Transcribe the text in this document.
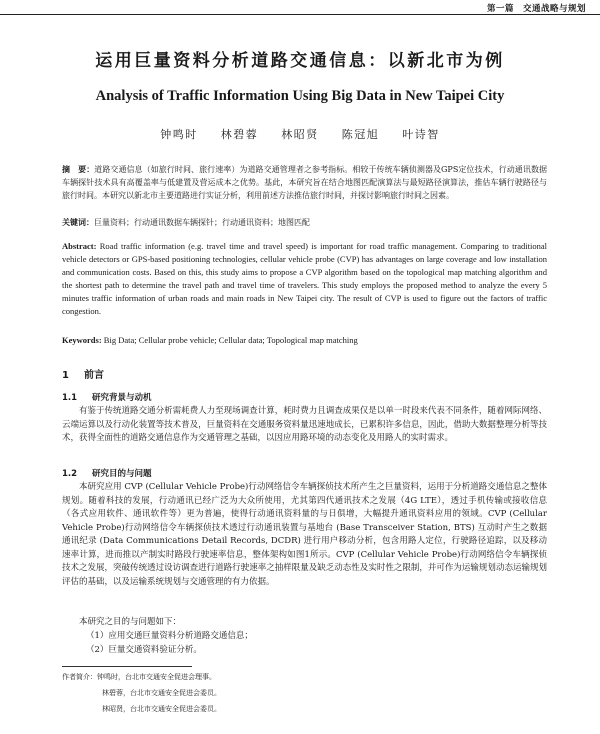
第一篇　交通战略与规划
运用巨量资料分析道路交通信息：以新北市为例
Analysis of Traffic Information Using Big Data in New Taipei City
钟鸣时 林碧蓉 林昭贤 陈冠旭 叶诗智
摘　要：道路交通信息（如旅行时间、旅行速率）为道路交通管理者之参考指标。相较于传统车辆侦测器及GPS定位技术，行动通讯数据车辆探针技术具有高覆盖率与低建置及营运成本之优势。基此，本研究旨在结合地图匹配演算法与最短路径演算法，推估车辆行驶路径与旅行时间。本研究以新北市主要道路进行实证分析，利用前述方法推估旅行时间，并探讨影响旅行时间之因素。
关键词：巨量资料；行动通讯数据车辆探针；行动通讯资料；地图匹配
Abstract: Road traffic information (e.g. travel time and travel speed) is important for road traffic management. Comparing to traditional vehicle detectors or GPS-based positioning technologies, cellular vehicle probe (CVP) has advantages on large coverage and low installation and communication costs. Based on this, this study aims to propose a CVP algorithm based on the topological map matching algorithm and the shortest path to determine the travel path and travel time of travelers. This study employs the proposed method to analyze the every 5 minutes traffic information of urban roads and main roads in New Taipei city. The result of CVP is used to figure out the factors of traffic congestion.
Keywords: Big Data; Cellular probe vehicle; Cellular data; Topological map matching
1 前言
1.1 研究背景与动机
有鉴于传统道路交通分析需耗费人力至现场调查计算，耗时费力且调查成果仅是以单一时段来代表不同条件，随着网际网络、云端运算以及行动化装置等技术普及，巨量资料在交通服务资料量迅速地成长，已累积许多信息，因此，借助大数据整理分析等技术，获得全面性的道路交通信息作为交通管理之基础，以因应用路环境的动态变化及用路人的实时需求。
1.2 研究目的与问题
本研究应用 CVP (Cellular Vehicle Probe)行动网络信令车辆探侦技术所产生之巨量资料，运用于分析道路交通信息之整体规划。随着科技的发展，行动通讯已经广泛为大众所使用，尤其第四代通讯技术之发展（4G LTE），透过手机传输或接收信息（各式应用软件、通讯软件等）更为普遍，使得行动通讯资料量的与日俱增，大幅提升通讯资料应用的领域。CVP (Cellular Vehicle Probe)行动网络信令车辆探侦技术透过行动通讯装置与基地台 (Base Transceiver Station, BTS) 互动时产生之数据通讯纪录 (Data Communications Detail Records, DCDR) 进行用户移动分析，包含用路人定位，行驶路径追踪，以及移动速率计算，进而推以产制实时路段行驶速率信息，整体架构如图1所示。CVP (Cellular Vehicle Probe)行动网络信令车辆探侦技术之发展，突破传统透过设访调查进行道路行驶速率之抽样限量及缺乏动态性及实时性之限制，并可作为运输规划动态运输规划评估的基础，以及运输系统规划与交通管理的有力依据。
本研究之目的与问题如下：
（1）应用交通巨量资料分析道路交通信息；
（2）巨量交通资料验证分析。
作者简介：钟鸣时，台北市交通安全促进会理事。
林碧蓉，台北市交通安全促进会委员。
林昭贤，台北市交通安全促进会委员。
